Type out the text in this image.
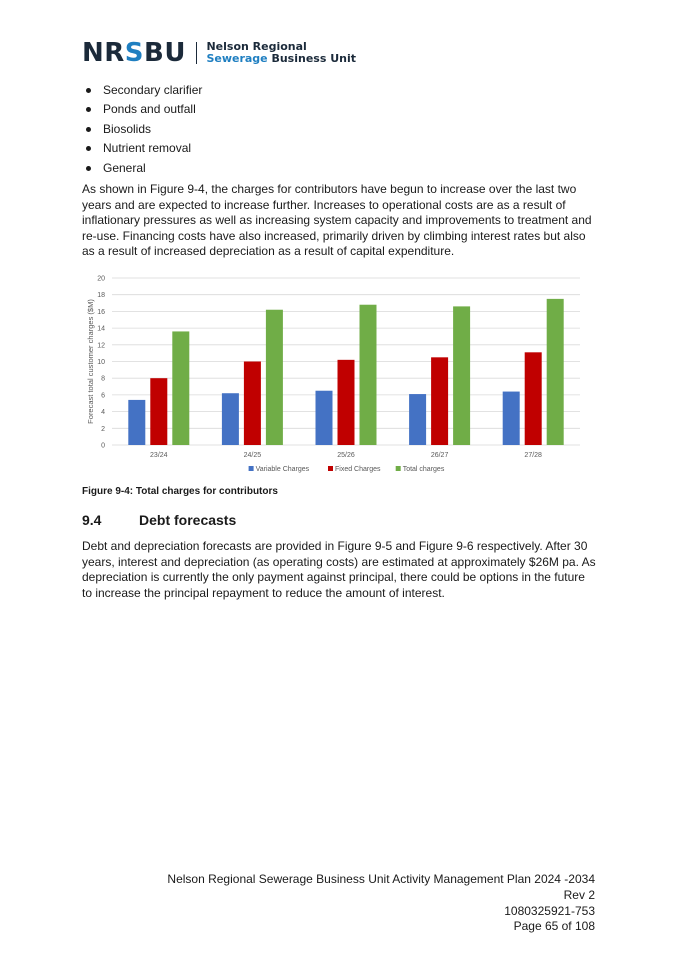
NRSBU Nelson Regional
Sewerage Business Unit
Secondary clarifier
Ponds and outfall
Biosolids
Nutrient removal
General

As shown in Figure 9-4, the charges for contributors have begun to increase over the last two years and are expected to increase further. Increases to operational costs are as a result of inflationary pressures as well as increasing system capacity and improvements to treatment and re-use. Financing costs have also increased, primarily driven by climbing interest rates but also as a result of increased depreciation as a result of capital expenditure.

0
2
4
6
8
10
12
14
16
18
20
Forecast total customer charges ($M)
23/24	24/25	25/26	26/27	27/28
Variable Charges	Fixed Charges	Total charges
Figure 9-4: Total charges for contributors
9.4	Debt forecasts

Debt and depreciation forecasts are provided in Figure 9-5 and Figure 9-6 respectively. After 30 years, interest and depreciation (as operating costs) are estimated at approximately $26M pa. As depreciation is currently the only payment against principal, there could be options in the future to increase the principal repayment to reduce the amount of interest.

Nelson Regional Sewerage Business Unit Activity Management Plan 2024 -2034
Rev 2
1080325921-753
Page 65 of 108
